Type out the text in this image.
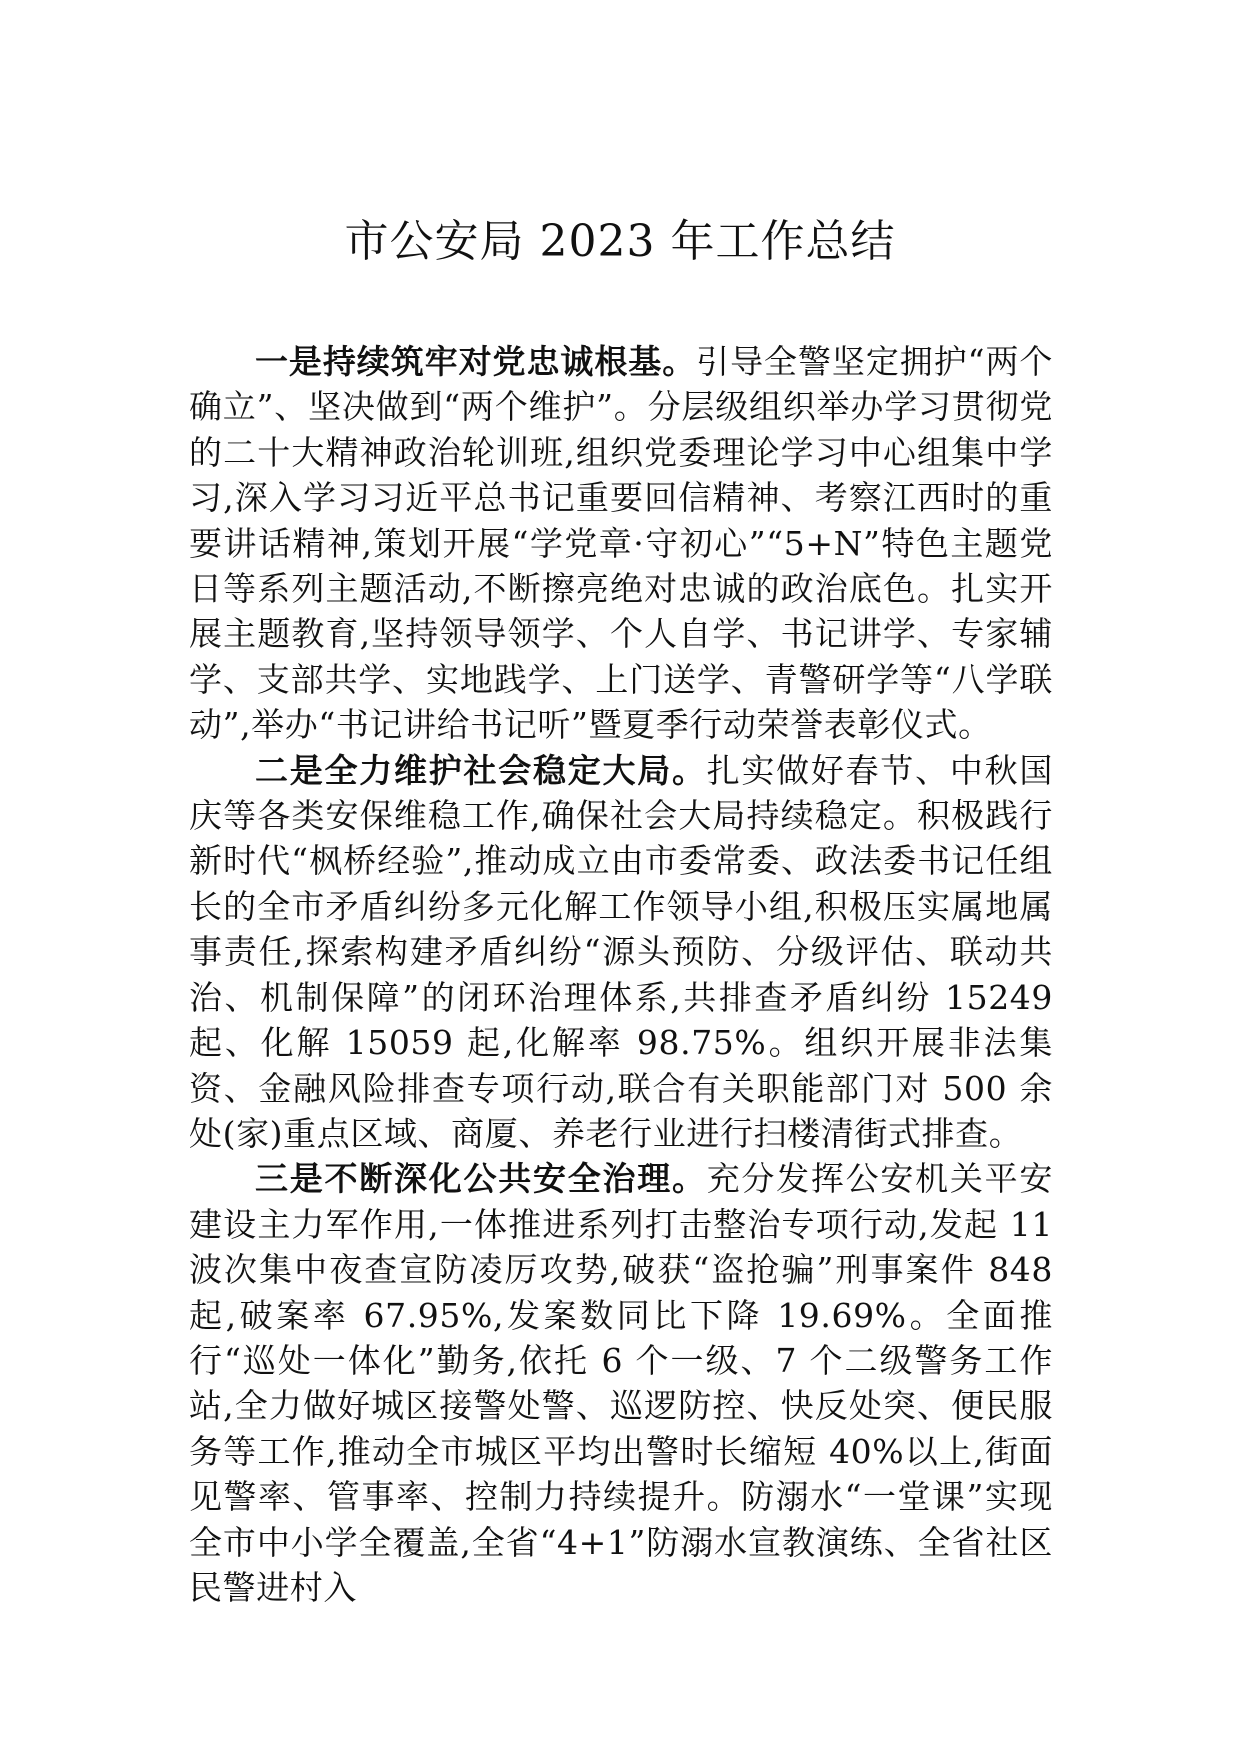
市公安局 2023 年工作总结

一是持续筑牢对党忠诚根基。引导全警坚定拥护“两个确立”、坚决做到“两个维护”。分层级组织举办学习贯彻党的二十大精神政治轮训班,组织党委理论学习中心组集中学习,深入学习习近平总书记重要回信精神、考察江西时的重要讲话精神,策划开展“学党章·守初心”“5+N”特色主题党日等系列主题活动,不断擦亮绝对忠诚的政治底色。扎实开展主题教育,坚持领导领学、个人自学、书记讲学、专家辅学、支部共学、实地践学、上门送学、青警研学等“八学联动”,举办“书记讲给书记听”暨夏季行动荣誉表彰仪式。

二是全力维护社会稳定大局。扎实做好春节、中秋国庆等各类安保维稳工作,确保社会大局持续稳定。积极践行新时代“枫桥经验”,推动成立由市委常委、政法委书记任组长的全市矛盾纠纷多元化解工作领导小组,积极压实属地属事责任,探索构建矛盾纠纷“源头预防、分级评估、联动共治、机制保障”的闭环治理体系,共排查矛盾纠纷 15249 起、化解 15059 起,化解率 98.75%。组织开展非法集资、金融风险排查专项行动,联合有关职能部门对 500 余处(家)重点区域、商厦、养老行业进行扫楼清街式排查。

三是不断深化公共安全治理。充分发挥公安机关平安建设主力军作用,一体推进系列打击整治专项行动,发起 11 波次集中夜查宣防凌厉攻势,破获“盗抢骗”刑事案件 848 起,破案率 67.95%,发案数同比下降 19.69%。全面推行“巡处一体化”勤务,依托 6 个一级、7 个二级警务工作站,全力做好城区接警处警、巡逻防控、快反处突、便民服务等工作,推动全市城区平均出警时长缩短 40%以上,街面见警率、管事率、控制力持续提升。防溺水“一堂课”实现全市中小学全覆盖,全省“4+1”防溺水宣教演练、全省社区民警进村入
